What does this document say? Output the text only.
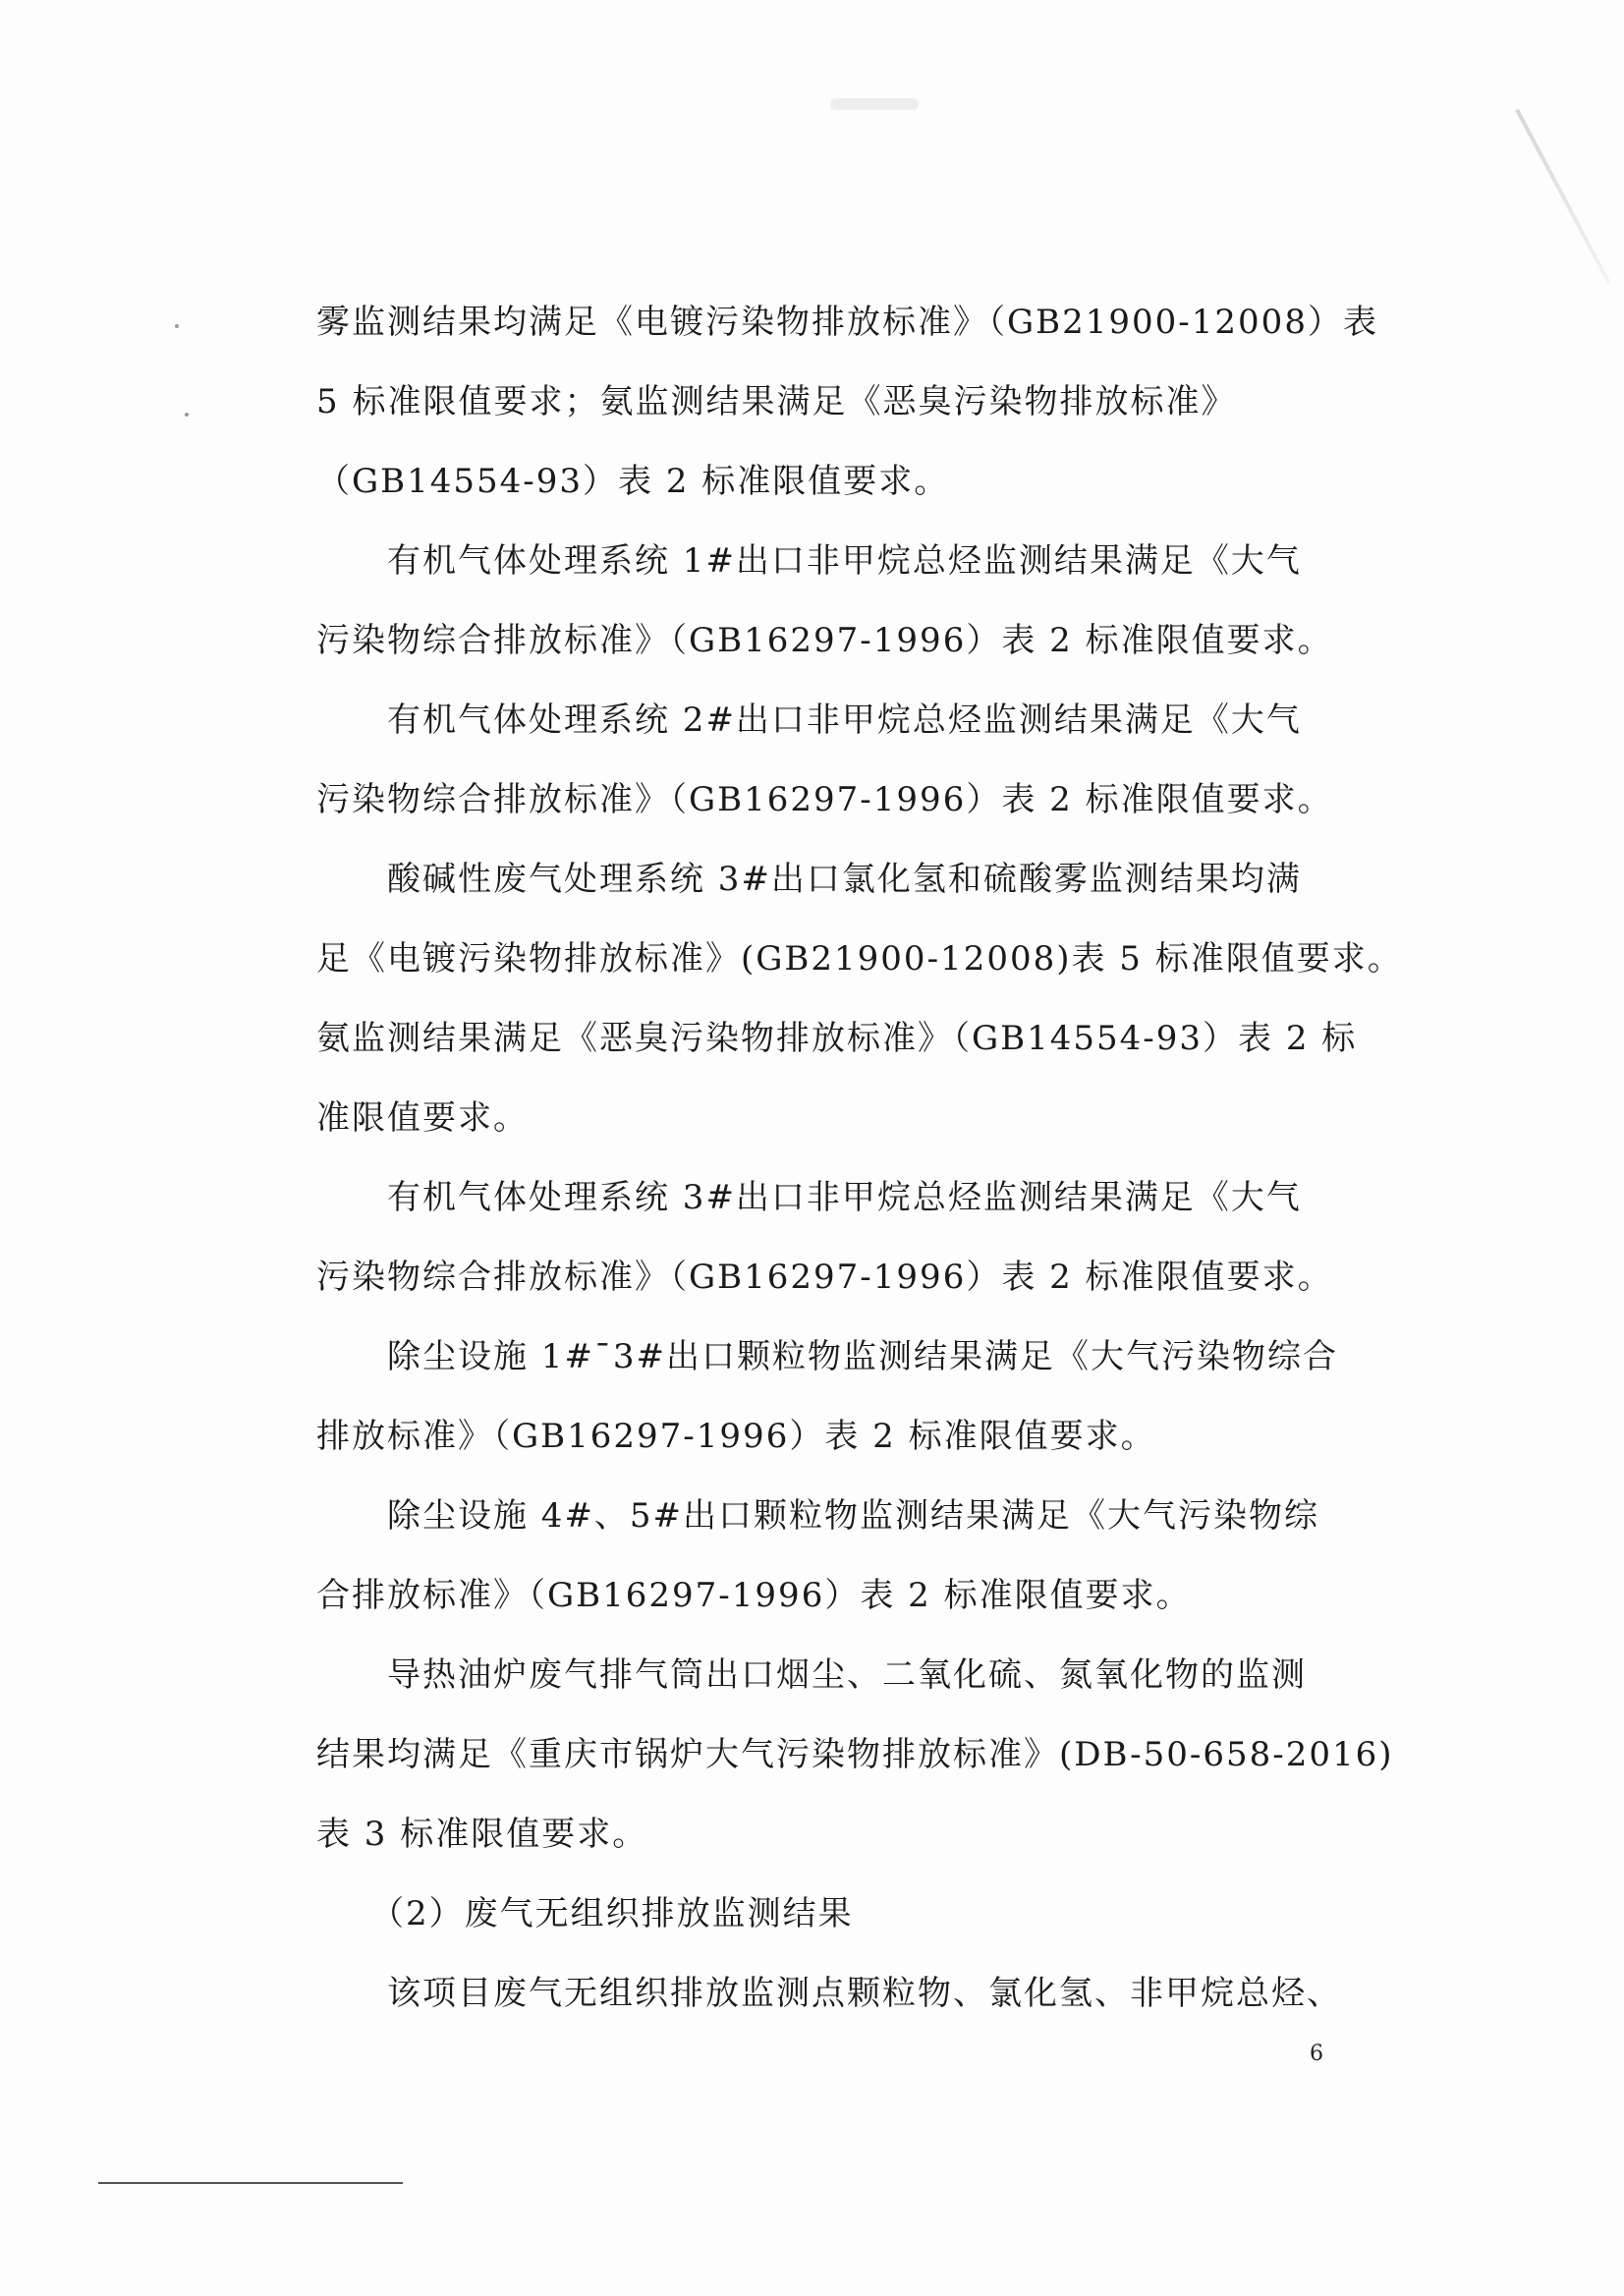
雾监测结果均满足《电镀污染物排放标准》（GB21900-12008）表
5 标准限值要求；氨监测结果满足《恶臭污染物排放标准》
（GB14554-93）表 2 标准限值要求。
　　有机气体处理系统 1#出口非甲烷总烃监测结果满足《大气
污染物综合排放标准》（GB16297-1996）表 2 标准限值要求。
　　有机气体处理系统 2#出口非甲烷总烃监测结果满足《大气
污染物综合排放标准》（GB16297-1996）表 2 标准限值要求。
　　酸碱性废气处理系统 3#出口氯化氢和硫酸雾监测结果均满
足《电镀污染物排放标准》(GB21900-12008)表 5 标准限值要求。
氨监测结果满足《恶臭污染物排放标准》（GB14554-93）表 2 标
准限值要求。
　　有机气体处理系统 3#出口非甲烷总烃监测结果满足《大气
污染物综合排放标准》（GB16297-1996）表 2 标准限值要求。
　　除尘设施 1#¯3#出口颗粒物监测结果满足《大气污染物综合
排放标准》（GB16297-1996）表 2 标准限值要求。
　　除尘设施 4#、5#出口颗粒物监测结果满足《大气污染物综
合排放标准》（GB16297-1996）表 2 标准限值要求。
　　导热油炉废气排气筒出口烟尘、二氧化硫、氮氧化物的监测
结果均满足《重庆市锅炉大气污染物排放标准》(DB-50-658-2016)
表 3 标准限值要求。
　　（2）废气无组织排放监测结果
　　该项目废气无组织排放监测点颗粒物、氯化氢、非甲烷总烃、
6
